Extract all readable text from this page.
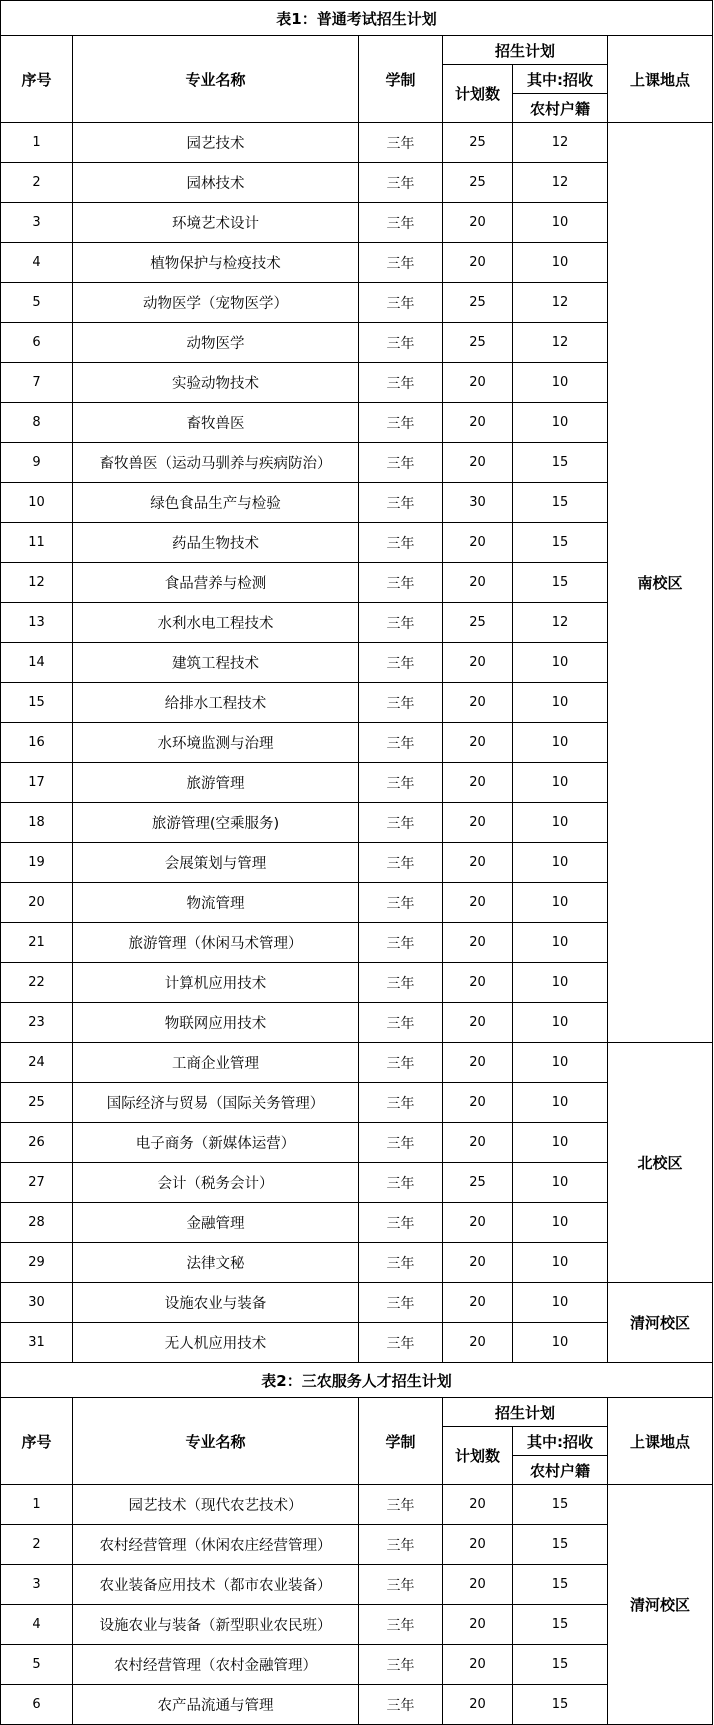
表1：普通考试招生计划					
序号	专业名称	学制	招生计划		上课地点
			计划数	其中:招收	
				农村户籍	
1	园艺技术	三年	25	12	南校区
2	园林技术	三年	25	12	
3	环境艺术设计	三年	20	10	
4	植物保护与检疫技术	三年	20	10	
5	动物医学（宠物医学）	三年	25	12	
6	动物医学	三年	25	12	
7	实验动物技术	三年	20	10	
8	畜牧兽医	三年	20	10	
9	畜牧兽医（运动马驯养与疾病防治）	三年	20	15	
10	绿色食品生产与检验	三年	30	15	
11	药品生物技术	三年	20	15	
12	食品营养与检测	三年	20	15	
13	水利水电工程技术	三年	25	12	
14	建筑工程技术	三年	20	10	
15	给排水工程技术	三年	20	10	
16	水环境监测与治理	三年	20	10	
17	旅游管理	三年	20	10	
18	旅游管理(空乘服务)	三年	20	10	
19	会展策划与管理	三年	20	10	
20	物流管理	三年	20	10	
21	旅游管理（休闲马术管理）	三年	20	10	
22	计算机应用技术	三年	20	10	
23	物联网应用技术	三年	20	10	
24	工商企业管理	三年	20	10	北校区
25	国际经济与贸易（国际关务管理）	三年	20	10	
26	电子商务（新媒体运营）	三年	20	10	
27	会计（税务会计）	三年	25	10	
28	金融管理	三年	20	10	
29	法律文秘	三年	20	10	
30	设施农业与装备	三年	20	10	清河校区
31	无人机应用技术	三年	20	10	
表2：三农服务人才招生计划					
序号	专业名称	学制	招生计划		上课地点
			计划数	其中:招收	
				农村户籍	
1	园艺技术（现代农艺技术）	三年	20	15	清河校区
2	农村经营管理（休闲农庄经营管理）	三年	20	15	
3	农业装备应用技术（都市农业装备）	三年	20	15	
4	设施农业与装备（新型职业农民班）	三年	20	15	
5	农村经营管理（农村金融管理）	三年	20	15	
6	农产品流通与管理	三年	20	15	
